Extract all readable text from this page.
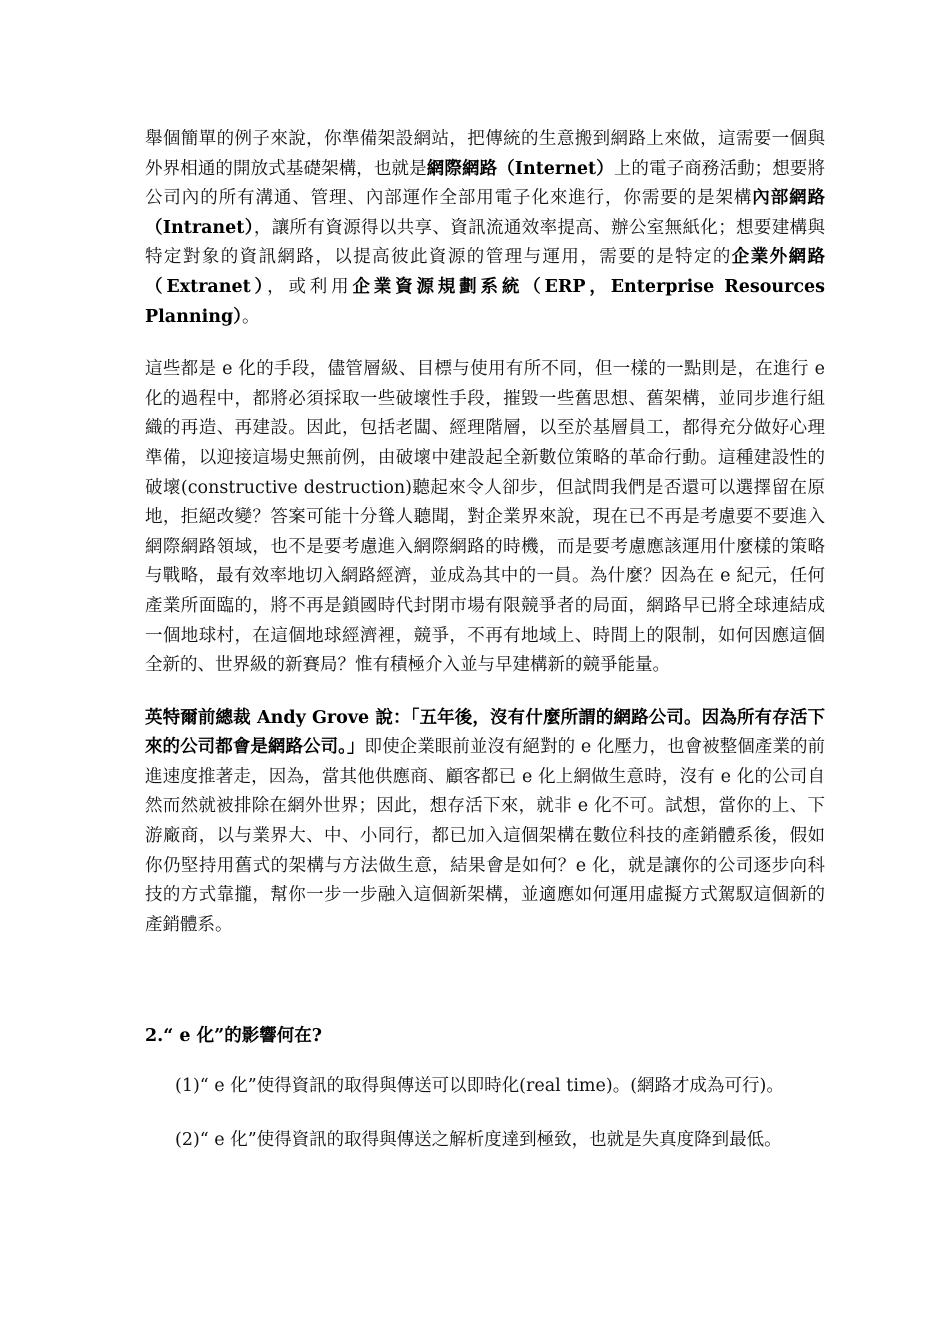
舉個簡單的例子來說，你準備架設網站，把傳統的生意搬到網路上來做，這需要一個與外界相通的開放式基礎架構，也就是網際網路（Internet）上的電子商務活動；想要將公司內的所有溝通、管理、內部運作全部用電子化來進行，你需要的是架構內部網路（Intranet），讓所有資源得以共享、資訊流通效率提高、辦公室無紙化；想要建構與特定對象的資訊網路，以提高彼此資源的管理与運用，需要的是特定的企業外網路（Extranet），或利用企業資源規劃系統（ERP，Enterprise Resources Planning）。

這些都是 e 化的手段，儘管層級、目標与使用有所不同，但一樣的一點則是，在進行 e 化的過程中，都將必須採取一些破壞性手段，摧毀一些舊思想、舊架構，並同步進行組織的再造、再建設。因此，包括老闆、經理階層，以至於基層員工，都得充分做好心理準備，以迎接這場史無前例，由破壞中建設起全新數位策略的革命行動。這種建設性的破壞(constructive destruction)聽起來令人卻步，但試問我們是否還可以選擇留在原地，拒絕改變？答案可能十分聳人聽聞，對企業界來說，現在已不再是考慮要不要進入網際網路領域，也不是要考慮進入網際網路的時機，而是要考慮應該運用什麼樣的策略与戰略，最有效率地切入網路經濟，並成為其中的一員。為什麼？因為在 e 紀元，任何產業所面臨的，將不再是鎖國時代封閉市場有限競爭者的局面，網路早已將全球連結成一個地球村，在這個地球經濟裡，競爭，不再有地域上、時間上的限制，如何因應這個全新的、世界級的新賽局？惟有積極介入並与早建構新的競爭能量。

英特爾前總裁 Andy Grove 說：「五年後，沒有什麼所謂的網路公司。因為所有存活下來的公司都會是網路公司。」即使企業眼前並沒有絕對的 e 化壓力，也會被整個產業的前進速度推著走，因為，當其他供應商、顧客都已 e 化上網做生意時，沒有 e 化的公司自然而然就被排除在網外世界；因此，想存活下來，就非 e 化不可。試想，當你的上、下游廠商，以与業界大、中、小同行，都已加入這個架構在數位科技的產銷體系後，假如你仍堅持用舊式的架構与方法做生意，結果會是如何？e 化，就是讓你的公司逐步向科技的方式靠攏，幫你一步一步融入這個新架構，並適應如何運用虛擬方式駕馭這個新的產銷體系。

2.“ e 化”的影響何在?

(1)“ e 化”使得資訊的取得與傳送可以即時化(real time)。(網路才成為可行)。
(2)“ e 化”使得資訊的取得與傳送之解析度達到極致，也就是失真度降到最低。
